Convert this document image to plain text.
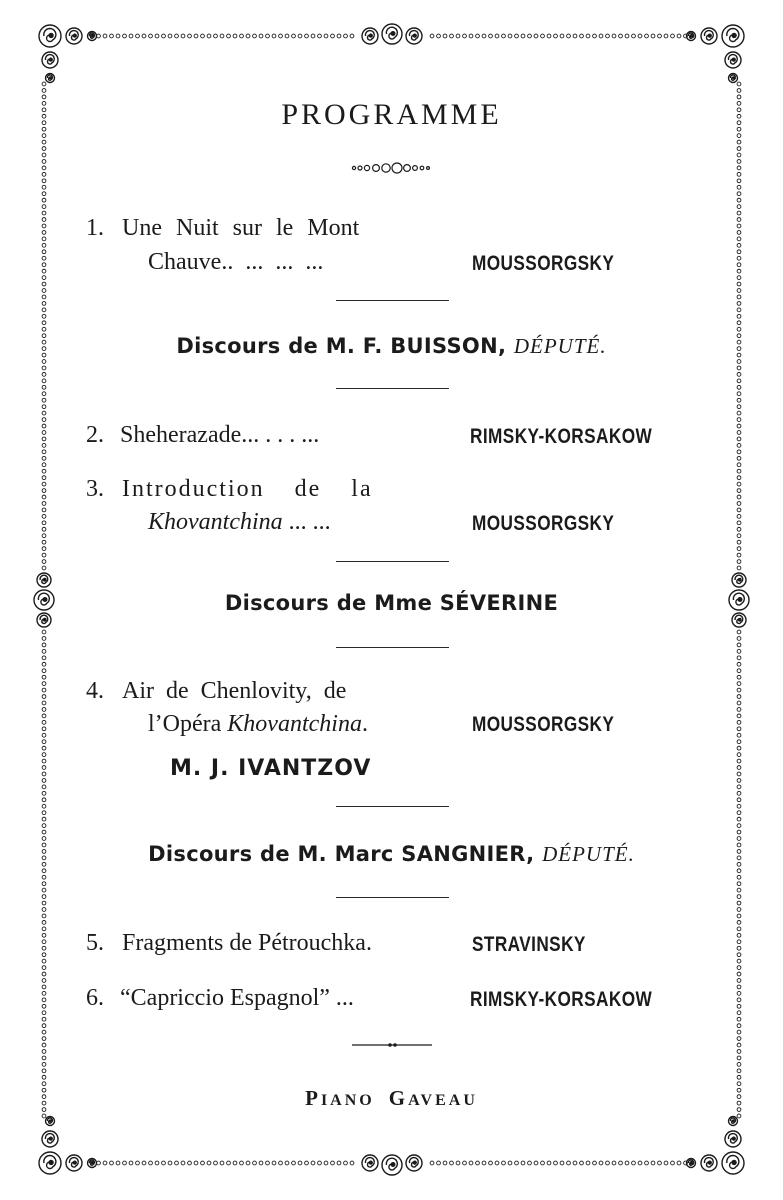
PROGRAMME
1. Une Nuit sur le Mont
Chauve.. ... ... ...	MOUSSORGSKY
Discours de M. F. BUISSON, DÉPUTÉ.
2. Sheherazade... . . . ...	RIMSKY-KORSAKOW
3. Introduction de la
Khovantchina ... ...	MOUSSORGSKY
Discours de Mme SÉVERINE
4. Air de Chenlovity, de
l’Opéra Khovantchina.	MOUSSORGSKY
M. J. IVANTZOV
Discours de M. Marc SANGNIER, DÉPUTÉ.
5. Fragments de Pétrouchka.	STRAVINSKY
6. “Capriccio Espagnol” ...	RIMSKY-KORSAKOW
PIANO GAVEAU
